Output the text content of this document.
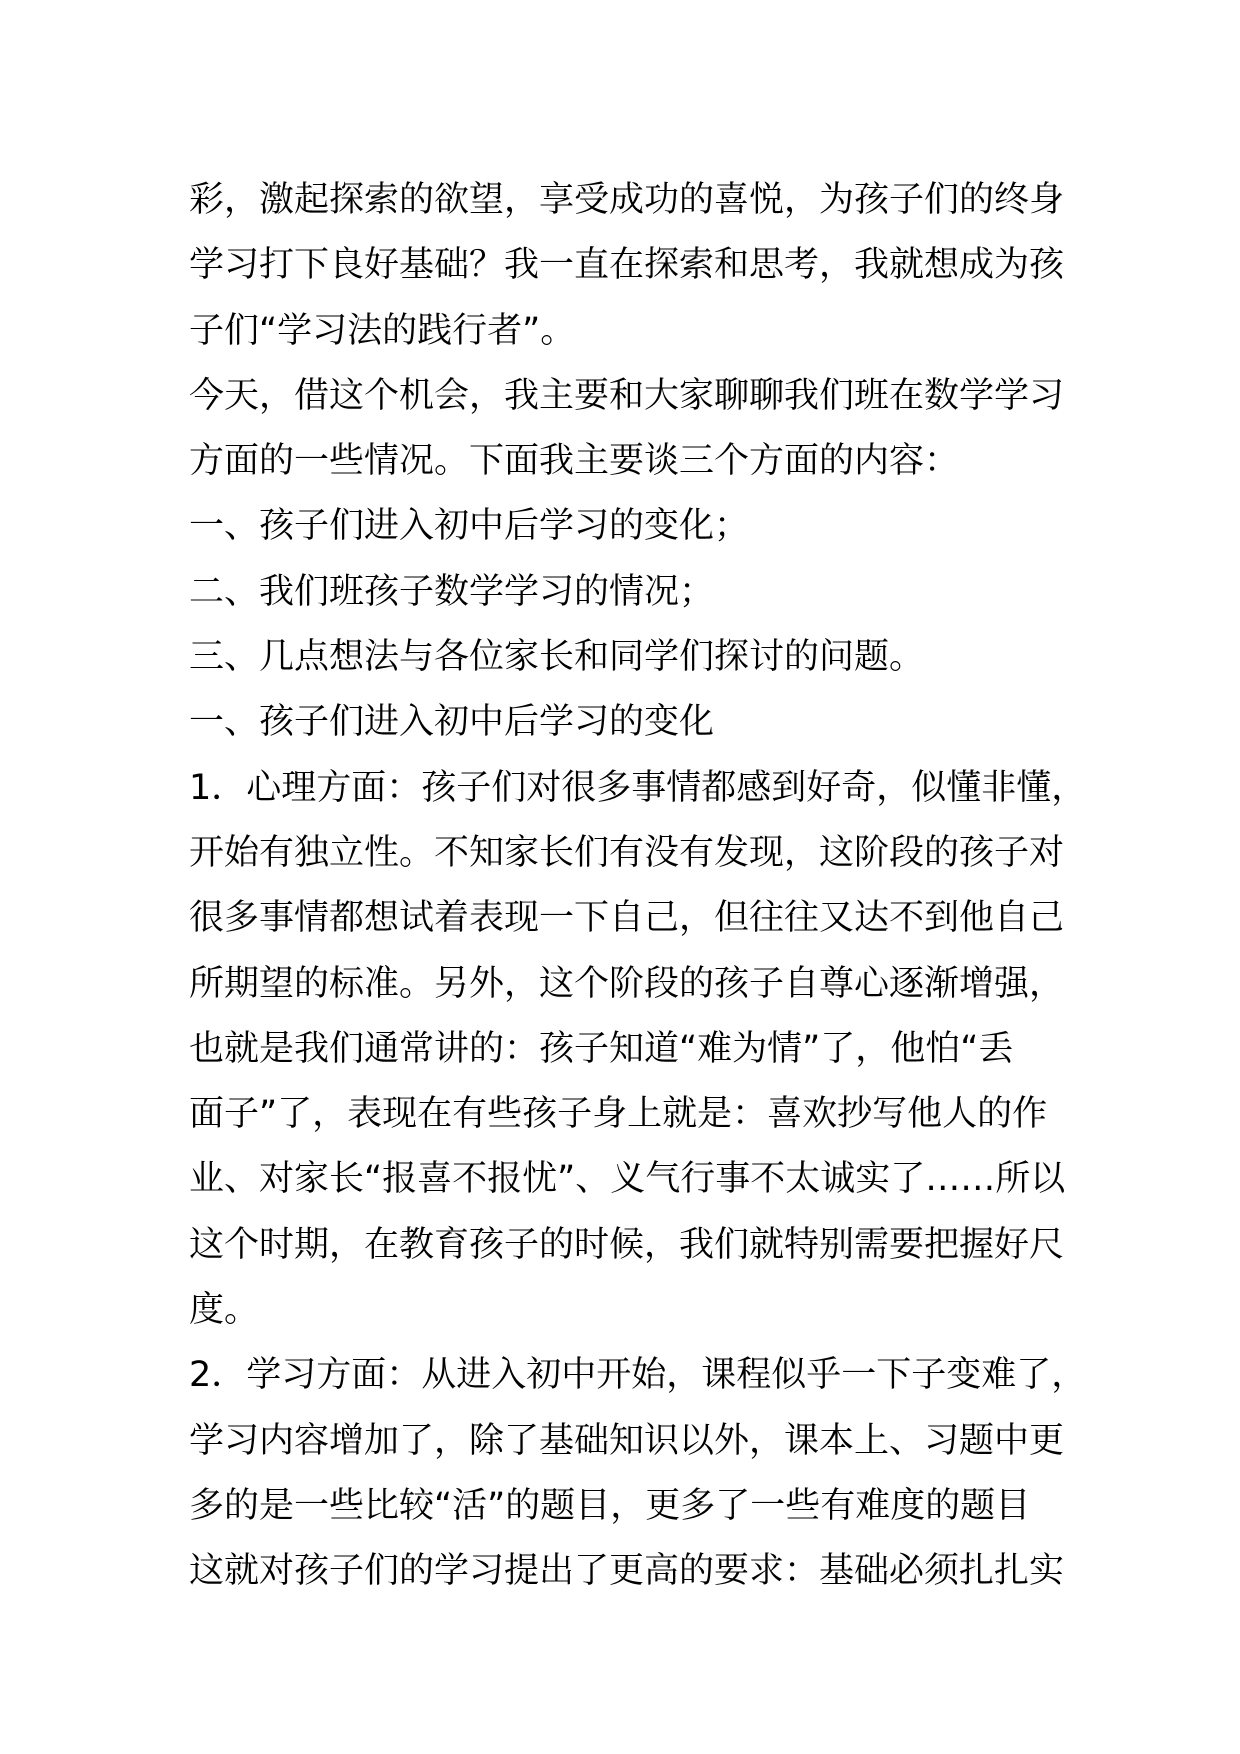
彩，激起探索的欲望，享受成功的喜悦，为孩子们的终身
学习打下良好基础？我一直在探索和思考，我就想成为孩
子们“学习法的践行者”。
今天，借这个机会，我主要和大家聊聊我们班在数学学习
方面的一些情况。下面我主要谈三个方面的内容：
一、孩子们进入初中后学习的变化；
二、我们班孩子数学学习的情况；
三、几点想法与各位家长和同学们探讨的问题。
一、孩子们进入初中后学习的变化
1．心理方面：孩子们对很多事情都感到好奇，似懂非懂，
开始有独立性。不知家长们有没有发现，这阶段的孩子对
很多事情都想试着表现一下自己，但往往又达不到他自己
所期望的标准。另外，这个阶段的孩子自尊心逐渐增强，
也就是我们通常讲的：孩子知道“难为情”了，他怕“丢
面子”了，表现在有些孩子身上就是：喜欢抄写他人的作
业、对家长“报喜不报忧”、义气行事不太诚实了……所以
这个时期，在教育孩子的时候，我们就特别需要把握好尺
度。
2．学习方面：从进入初中开始，课程似乎一下子变难了，
学习内容增加了，除了基础知识以外，课本上、习题中更
多的是一些比较“活”的题目，更多了一些有难度的题目
这就对孩子们的学习提出了更高的要求：基础必须扎扎实
